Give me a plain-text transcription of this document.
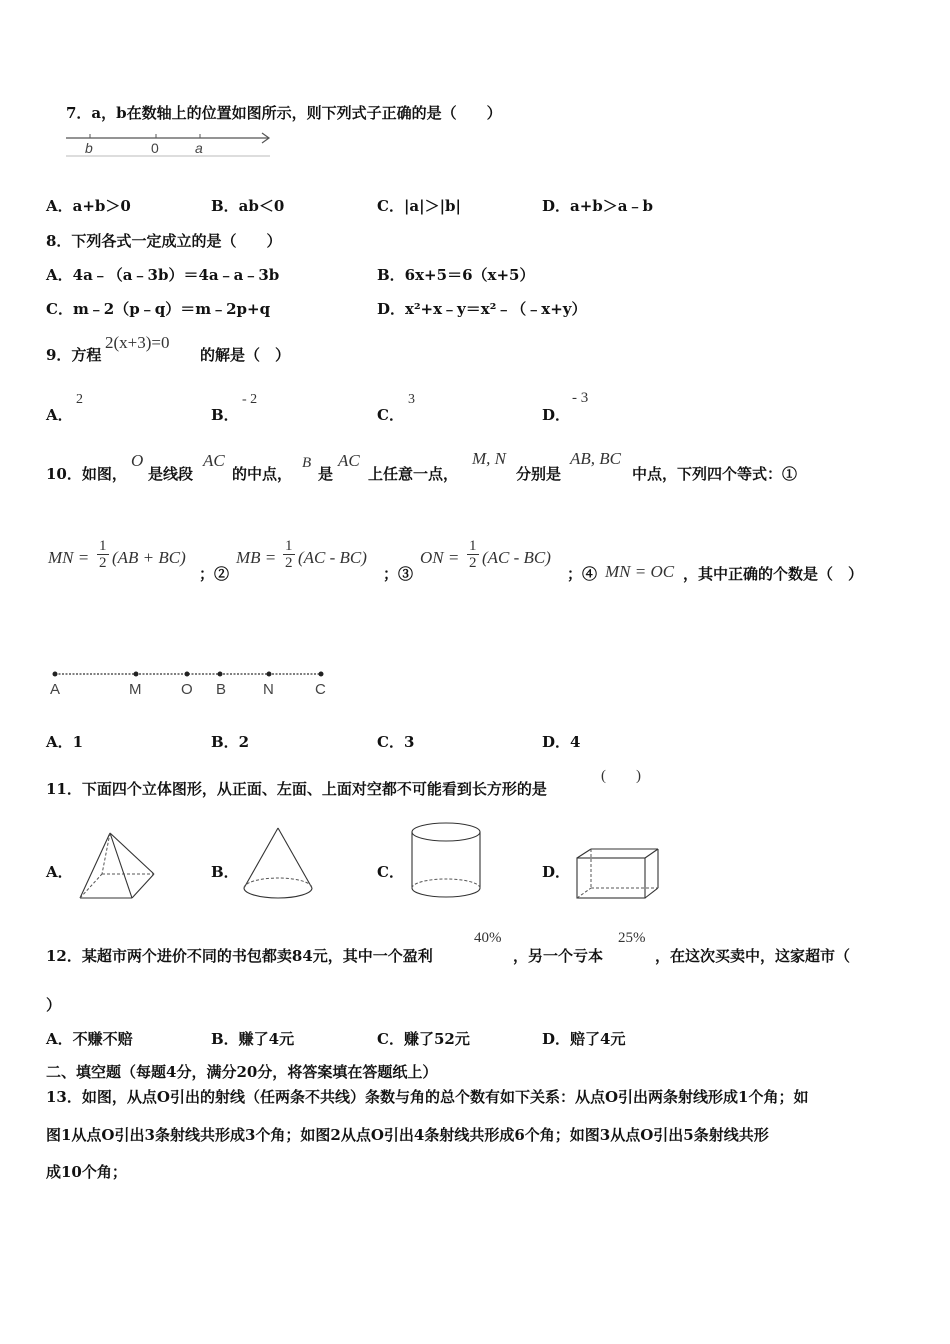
7．a，b在数轴上的位置如图所示，则下列式子正确的是（　　）
b	0	a
A．a+b＞0	B．ab＜0	C．|a|＞|b|	D．a+b＞a﹣b
8．下列各式一定成立的是（　　）
A．4a﹣（a﹣3b）＝4a﹣a﹣3b	B．6x+5＝6（x+5）
C．m﹣2（p﹣q）＝m﹣2p+q	D．x²+x﹣y＝x²﹣（﹣x+y）
9．方程
2(x+3)=0
的解是（　）
A．
2
B．
- 2
C．
3
D．
- 3
10．如图，
O
是线段
AC
的中点，
B
是
AC
上任意一点，
M, N
分别是
AB, BC
中点，下列四个等式：①
MN = $\frac{1}{2} (AB + BC)$
；②
MB = $\frac{1}{2} (AC - BC)$
；③
ON = $\frac{1}{2} (AC - BC)$
；④ MN = OC ，其中正确的个数是（　）
A	M	O B N	C
A．1	B．2	C．3	D．4
11．下面四个立体图形，从正面、左面、上面对空都不可能看到长方形的是
(　　)
A．	B．	C．	D．
12．某超市两个进价不同的书包都卖84元，其中一个盈利
40%
，另一个亏本
25%
，在这次买卖中，这家超市（
）
A．不赚不赔	B．赚了4元	C．赚了52元	D．赔了4元
二、填空题（每题4分，满分20分，将答案填在答题纸上）
13．如图，从点O引出的射线（任两条不共线）条数与角的总个数有如下关系：从点O引出两条射线形成1个角；如
图1从点O引出3条射线共形成3个角；如图2从点O引出4条射线共形成6个角；如图3从点O引出5条射线共形
成10个角；
